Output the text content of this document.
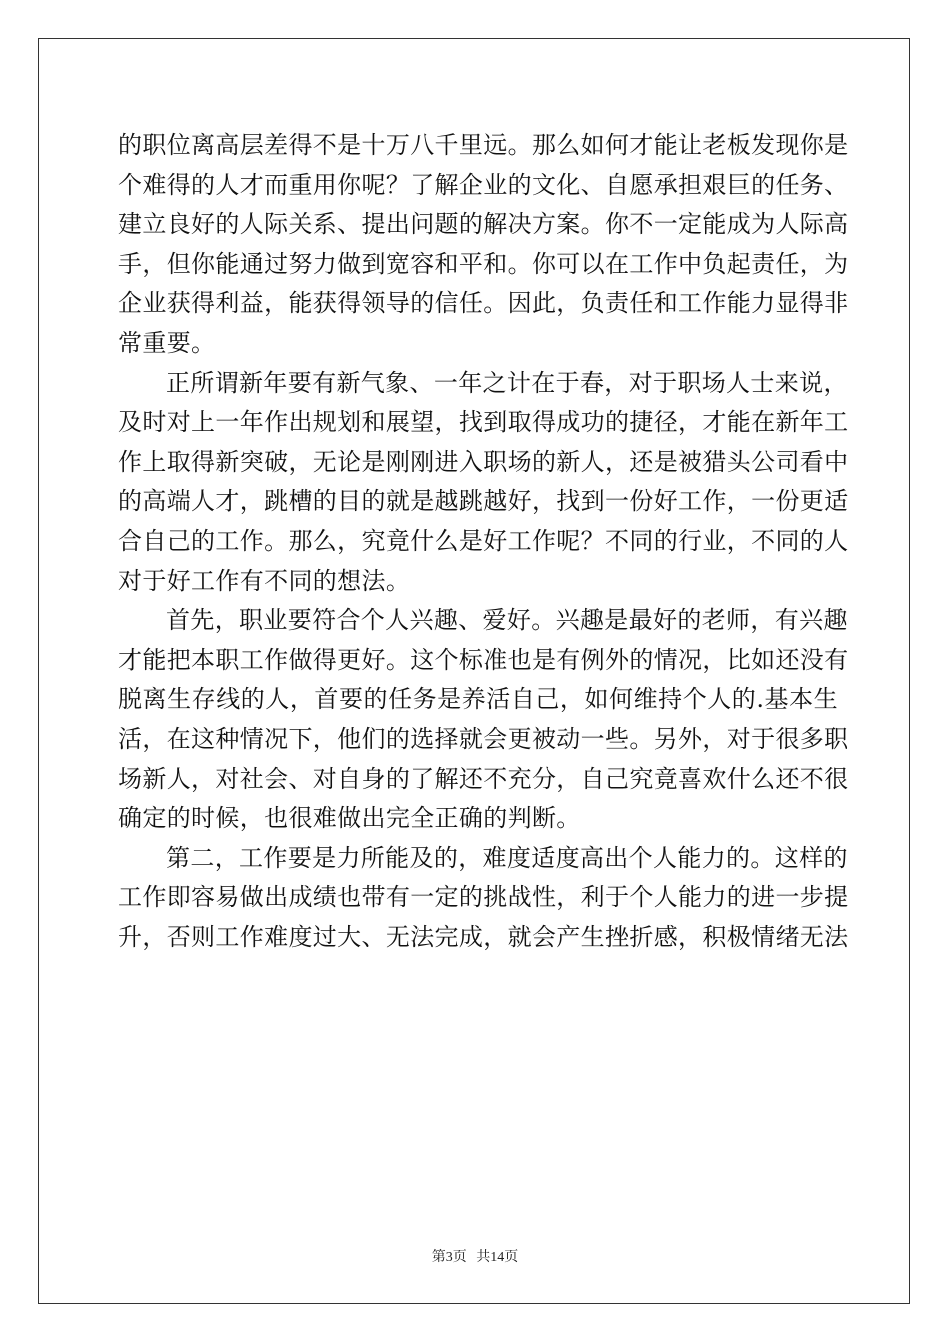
的职位离高层差得不是十万八千里远。那么如何才能让老板发现你是
个难得的人才而重用你呢？了解企业的文化、自愿承担艰巨的任务、
建立良好的人际关系、提出问题的解决方案。你不一定能成为人际高
手，但你能通过努力做到宽容和平和。你可以在工作中负起责任，为
企业获得利益，能获得领导的信任。因此，负责任和工作能力显得非
常重要。
正所谓新年要有新气象、一年之计在于春，对于职场人士来说，
及时对上一年作出规划和展望，找到取得成功的捷径，才能在新年工
作上取得新突破，无论是刚刚进入职场的新人，还是被猎头公司看中
的高端人才，跳槽的目的就是越跳越好，找到一份好工作，一份更适
合自己的工作。那么，究竟什么是好工作呢？不同的行业，不同的人
对于好工作有不同的想法。
首先，职业要符合个人兴趣、爱好。兴趣是最好的老师，有兴趣
才能把本职工作做得更好。这个标准也是有例外的情况，比如还没有
脱离生存线的人，首要的任务是养活自己，如何维持个人的.基本生
活，在这种情况下，他们的选择就会更被动一些。另外，对于很多职
场新人，对社会、对自身的了解还不充分，自己究竟喜欢什么还不很
确定的时候，也很难做出完全正确的判断。
第二，工作要是力所能及的，难度适度高出个人能力的。这样的
工作即容易做出成绩也带有一定的挑战性，利于个人能力的进一步提
升，否则工作难度过大、无法完成，就会产生挫折感，积极情绪无法
第3页 共14页
